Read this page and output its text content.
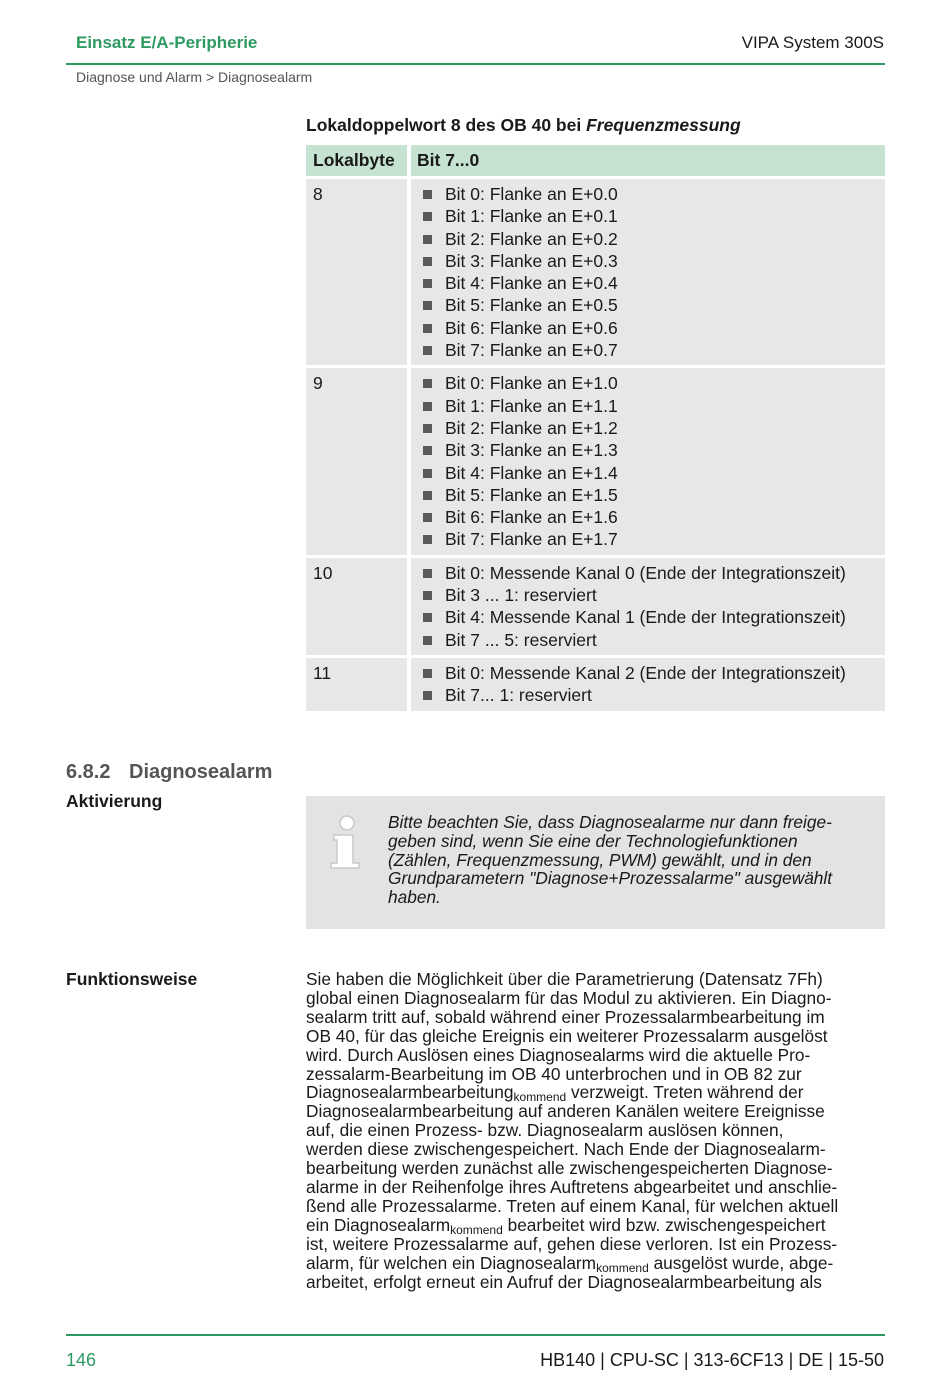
Einsatz E/A-Peripherie	VIPA System 300S
Diagnose und Alarm > Diagnosealarm
Lokaldoppelwort 8 des OB 40 bei Frequenzmessung
Lokalbyte	Bit 7...0
8	Bit 0: Flanke an E+0.0
Bit 1: Flanke an E+0.1
Bit 2: Flanke an E+0.2
Bit 3: Flanke an E+0.3
Bit 4: Flanke an E+0.4
Bit 5: Flanke an E+0.5
Bit 6: Flanke an E+0.6
Bit 7: Flanke an E+0.7
9	Bit 0: Flanke an E+1.0
Bit 1: Flanke an E+1.1
Bit 2: Flanke an E+1.2
Bit 3: Flanke an E+1.3
Bit 4: Flanke an E+1.4
Bit 5: Flanke an E+1.5
Bit 6: Flanke an E+1.6
Bit 7: Flanke an E+1.7
10	Bit 0: Messende Kanal 0 (Ende der Integrationszeit)
Bit 3 ... 1: reserviert
Bit 4: Messende Kanal 1 (Ende der Integrationszeit)
Bit 7 ... 5: reserviert
11	Bit 0: Messende Kanal 2 (Ende der Integrationszeit)
Bit 7... 1: reserviert
6.8.2 Diagnosealarm
Aktivierung
Bitte beachten Sie, dass Diagnosealarme nur dann freige-
geben sind, wenn Sie eine der Technologiefunktionen
(Zählen, Frequenzmessung, PWM) gewählt, und in den
Grundparametern "Diagnose+Prozessalarme" ausgewählt
haben.
Funktionsweise	Sie haben die Möglichkeit über die Parametrierung (Datensatz 7Fh)
global einen Diagnosealarm für das Modul zu aktivieren. Ein Diagno-
sealarm tritt auf, sobald während einer Prozessalarmbearbeitung im
OB 40, für das gleiche Ereignis ein weiterer Prozessalarm ausgelöst
wird. Durch Auslösen eines Diagnosealarms wird die aktuelle Pro-
zessalarm-Bearbeitung im OB 40 unterbrochen und in OB 82 zur
Diagnosealarmbearbeitung$_{kommend}$ verzweigt. Treten während der
Diagnosealarmbearbeitung auf anderen Kanälen weitere Ereignisse
auf, die einen Prozess- bzw. Diagnosealarm auslösen können,
werden diese zwischengespeichert. Nach Ende der Diagnosealarm-
bearbeitung werden zunächst alle zwischengespeicherten Diagnose-
alarme in der Reihenfolge ihres Auftretens abgearbeitet und anschlie-
ßend alle Prozessalarme. Treten auf einem Kanal, für welchen aktuell
ein Diagnosealarm$_{kommend}$ bearbeitet wird bzw. zwischengespeichert
ist, weitere Prozessalarme auf, gehen diese verloren. Ist ein Prozess-
alarm, für welchen ein Diagnosealarm$_{kommend}$ ausgelöst wurde, abge-
arbeitet, erfolgt erneut ein Aufruf der Diagnosealarmbearbeitung als
146	HB140 | CPU-SC | 313-6CF13 | DE | 15-50
